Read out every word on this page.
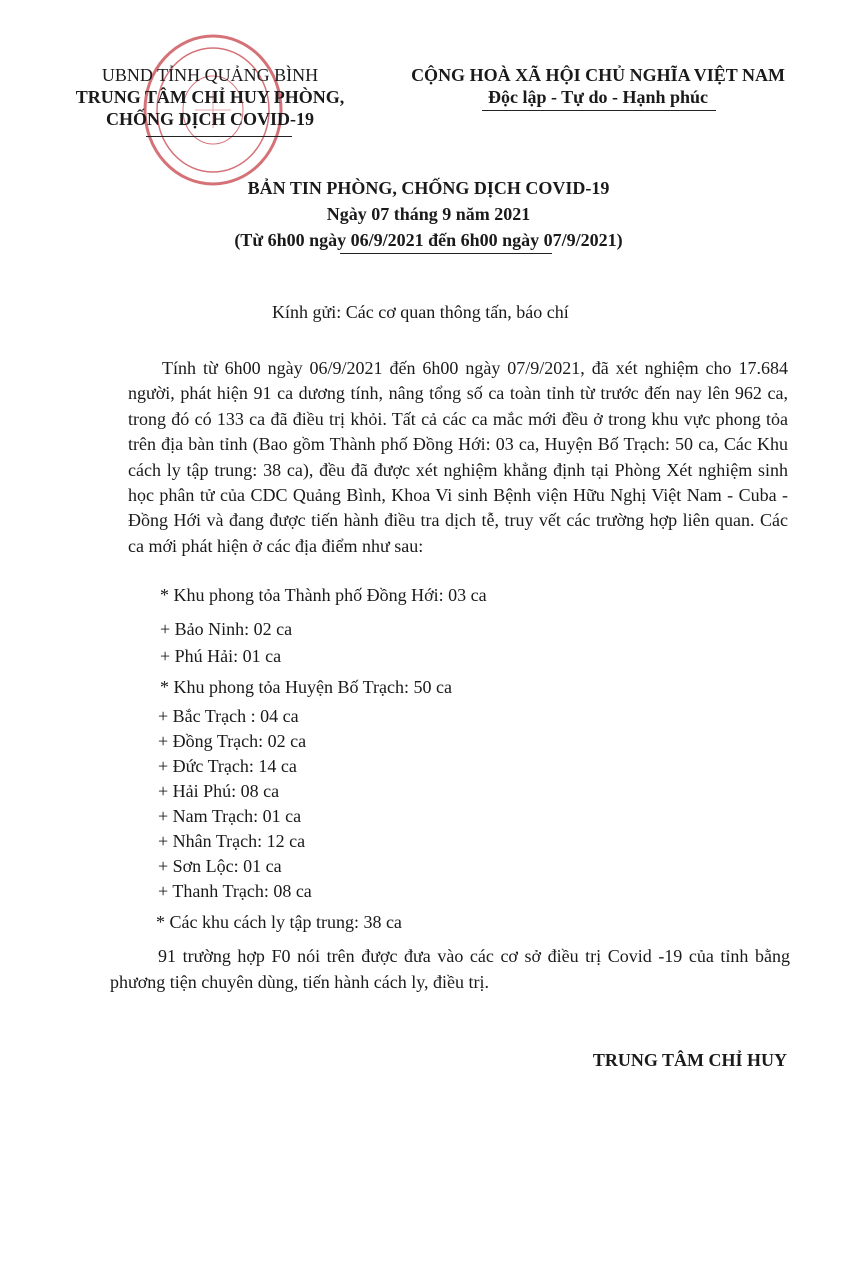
UBND TỈNH QUẢNG BÌNH
TRUNG TÂM CHỈ HUY PHÒNG,
CHỐNG DỊCH COVID-19
CỘNG HOÀ XÃ HỘI CHỦ NGHĨA VIỆT NAM
Độc lập - Tự do - Hạnh phúc
BẢN TIN PHÒNG, CHỐNG DỊCH COVID-19
Ngày 07 tháng 9 năm 2021
(Từ 6h00 ngày 06/9/2021 đến 6h00 ngày 07/9/2021)
Kính gửi: Các cơ quan thông tấn, báo chí

Tính từ 6h00 ngày 06/9/2021 đến 6h00 ngày 07/9/2021, đã xét nghiệm cho 17.684 người, phát hiện 91 ca dương tính, nâng tổng số ca toàn tỉnh từ trước đến nay lên 962 ca, trong đó có 133 ca đã điều trị khỏi. Tất cả các ca mắc mới đều ở trong khu vực phong tỏa trên địa bàn tỉnh (Bao gồm Thành phố Đồng Hới: 03 ca, Huyện Bố Trạch: 50 ca, Các Khu cách ly tập trung: 38 ca), đều đã được xét nghiệm khẳng định tại Phòng Xét nghiệm sinh học phân tử của CDC Quảng Bình, Khoa Vi sinh Bệnh viện Hữu Nghị Việt Nam - Cuba - Đồng Hới và đang được tiến hành điều tra dịch tễ, truy vết các trường hợp liên quan. Các ca mới phát hiện ở các địa điểm như sau:

* Khu phong tỏa Thành phố Đồng Hới: 03 ca
+ Bảo Ninh: 02 ca
+ Phú Hải: 01 ca
* Khu phong tỏa Huyện Bố Trạch: 50 ca
+ Bắc Trạch : 04 ca
+ Đồng Trạch: 02 ca
+ Đức Trạch: 14 ca
+ Hải Phú: 08 ca
+ Nam Trạch: 01 ca
+ Nhân Trạch: 12 ca
+ Sơn Lộc: 01 ca
+ Thanh Trạch: 08 ca
* Các khu cách ly tập trung: 38 ca
91 trường hợp F0 nói trên được đưa vào các cơ sở điều trị Covid -19 của tỉnh bằng phương tiện chuyên dùng, tiến hành cách ly, điều trị.
TRUNG TÂM CHỈ HUY
